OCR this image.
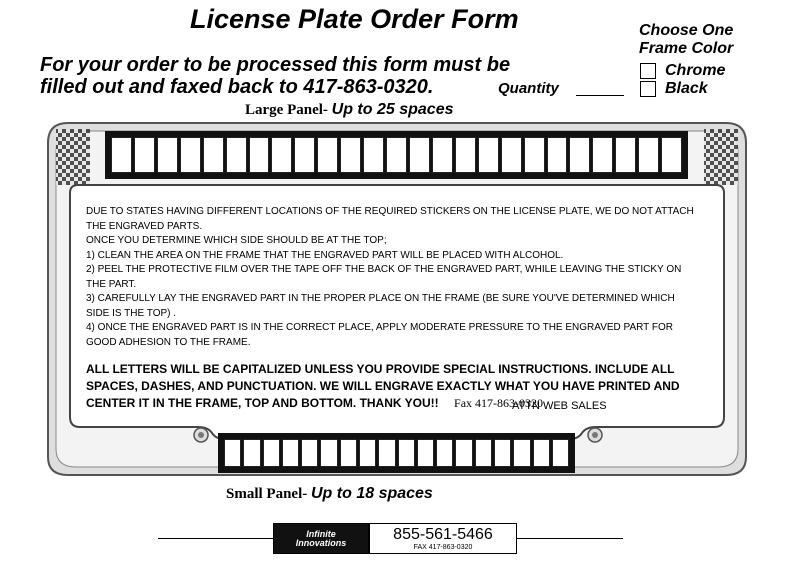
License Plate Order Form
For your order to be processed this form must be
filled out and faxed back to 417-863-0320.	Quantity
Choose One
Frame Color
Chrome
Black
Large Panel- Up to 25 spaces
DUE TO STATES HAVING DIFFERENT LOCATIONS OF THE REQUIRED STICKERS ON THE LICENSE PLATE, WE DO NOT ATTACH THE ENGRAVED PARTS.
ONCE YOU DETERMINE WHICH SIDE SHOULD BE AT THE TOP;
1) CLEAN THE AREA ON THE FRAME THAT THE ENGRAVED PART WILL BE PLACED WITH ALCOHOL.
2) PEEL THE PROTECTIVE FILM OVER THE TAPE OFF THE BACK OF THE ENGRAVED PART, WHILE LEAVING THE STICKY ON THE PART.
3) CAREFULLY LAY THE ENGRAVED PART IN THE PROPER PLACE ON THE FRAME (BE SURE YOU'VE DETERMINED WHICH SIDE IS THE TOP) .
4) ONCE THE ENGRAVED PART IS IN THE CORRECT PLACE, APPLY MODERATE PRESSURE TO THE ENGRAVED PART FOR GOOD ADHESION TO THE FRAME.
ALL LETTERS WILL BE CAPITALIZED UNLESS YOU PROVIDE SPECIAL INSTRUCTIONS. INCLUDE ALL SPACES, DASHES, AND PUNCTUATION. WE WILL ENGRAVE EXACTLY WHAT YOU HAVE PRINTED AND CENTER IT IN THE FRAME, TOP AND BOTTOM. THANK YOU!! Fax 417-863-0320
ATTN WEB SALES
Small Panel- Up to 18 spaces
Infinite
Innovations	855-561-5466
FAX 417-863-0320
